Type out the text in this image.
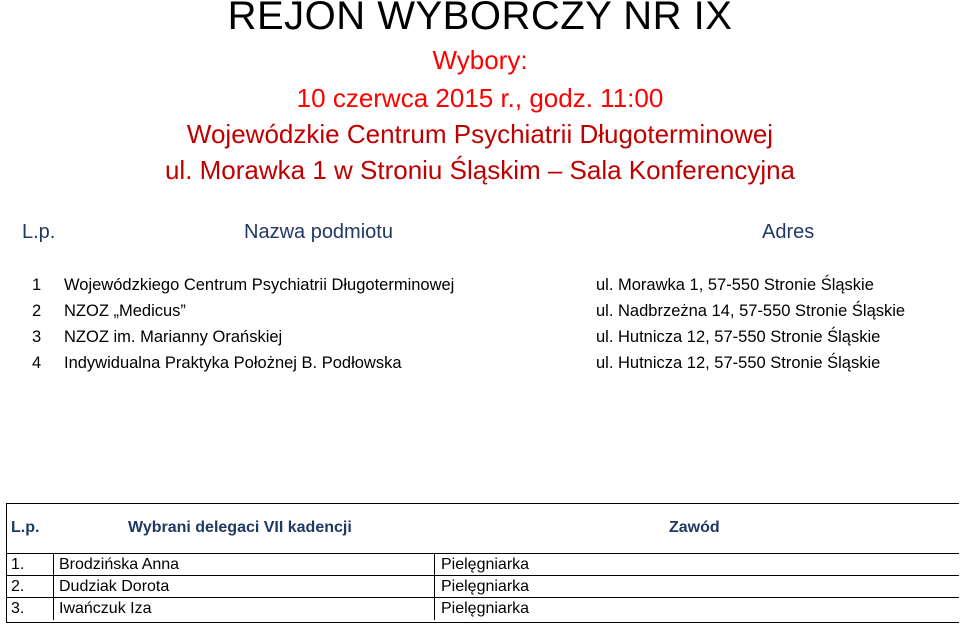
REJON WYBORCZY NR IX
Wybory:
10 czerwca 2015 r., godz. 11:00
Wojewódzkie Centrum Psychiatrii Długoterminowej
ul. Morawka 1 w Stroniu Śląskim – Sala Konferencyjna
L.p.	Nazwa podmiotu	Adres
1 Wojewódzkiego Centrum Psychiatrii Długoterminowej	ul. Morawka 1, 57-550 Stronie Śląskie
2 NZOZ „Medicus”	ul. Nadbrzeżna 14, 57-550 Stronie Śląskie
3 NZOZ im. Marianny Orańskiej	ul. Hutnicza 12, 57-550 Stronie Śląskie
4 Indywidualna Praktyka Położnej B. Podłowska	ul. Hutnicza 12, 57-550 Stronie Śląskie
L.p.	Wybrani delegaci VII kadencji	Zawód
1. Brodzińska Anna	Pielęgniarka
2. Dudziak Dorota	Pielęgniarka
3. Iwańczuk Iza	Pielęgniarka
